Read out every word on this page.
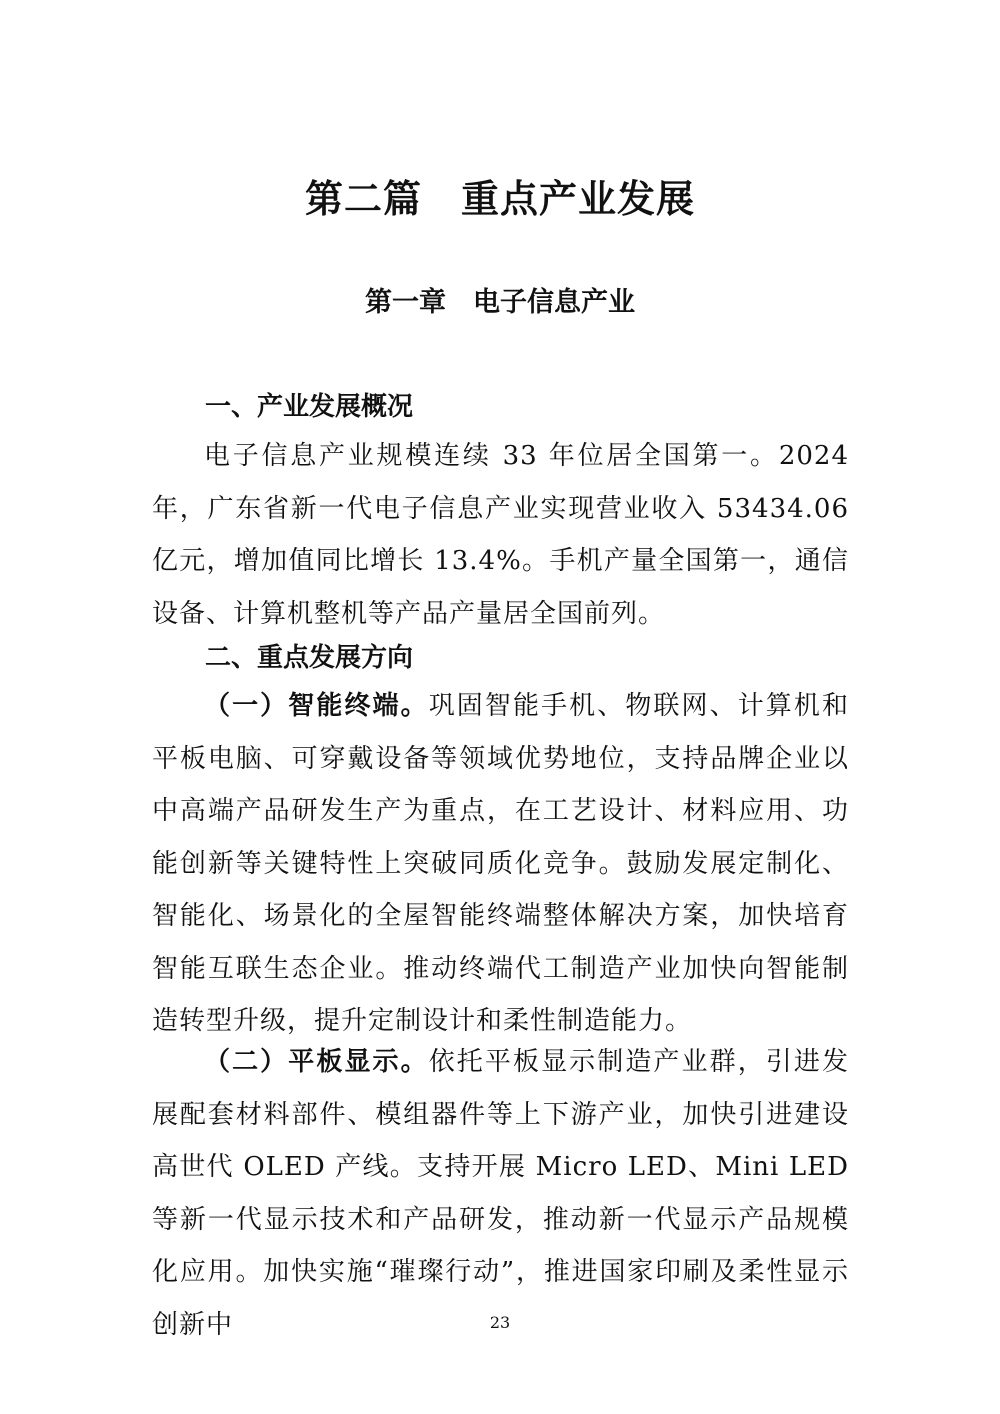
第二篇　重点产业发展
第一章　电子信息产业
一、产业发展概况

电子信息产业规模连续 33 年位居全国第一。2024 年，广东省新一代电子信息产业实现营业收入 53434.06 亿元，增加值同比增长 13.4%。手机产量全国第一，通信设备、计算机整机等产品产量居全国前列。

二、重点发展方向

（一）智能终端。巩固智能手机、物联网、计算机和平板电脑、可穿戴设备等领域优势地位，支持品牌企业以中高端产品研发生产为重点，在工艺设计、材料应用、功能创新等关键特性上突破同质化竞争。鼓励发展定制化、智能化、场景化的全屋智能终端整体解决方案，加快培育智能互联生态企业。推动终端代工制造产业加快向智能制造转型升级，提升定制设计和柔性制造能力。

（二）平板显示。依托平板显示制造产业群，引进发展配套材料部件、模组器件等上下游产业，加快引进建设高世代 OLED 产线。支持开展 Micro LED、Mini LED 等新一代显示技术和产品研发，推动新一代显示产品规模化应用。加快实施“璀璨行动”，推进国家印刷及柔性显示创新中	23
